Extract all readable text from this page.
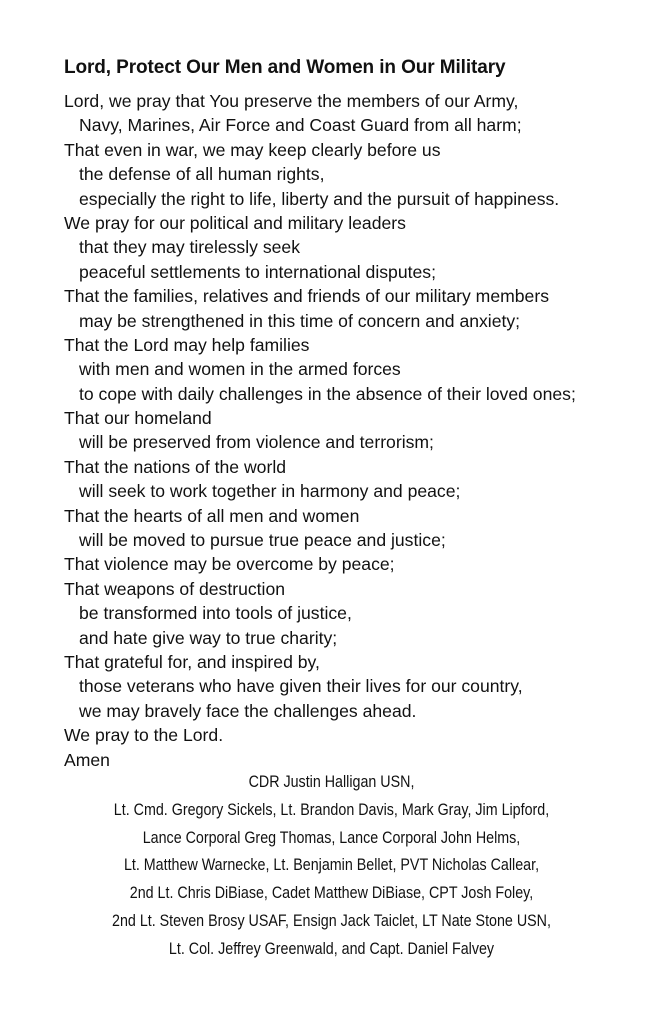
Lord, Protect Our Men and Women in Our Military
Lord, we pray that You preserve the members of our Army,
Navy, Marines, Air Force and Coast Guard from all harm;
That even in war, we may keep clearly before us
the defense of all human rights,
especially the right to life, liberty and the pursuit of happiness.
We pray for our political and military leaders
that they may tirelessly seek
peaceful settlements to international disputes;
That the families, relatives and friends of our military members
may be strengthened in this time of concern and anxiety;
That the Lord may help families
with men and women in the armed forces
to cope with daily challenges in the absence of their loved ones;
That our homeland
will be preserved from violence and terrorism;
That the nations of the world
will seek to work together in harmony and peace;
That the hearts of all men and women
will be moved to pursue true peace and justice;
That violence may be overcome by peace;
That weapons of destruction
be transformed into tools of justice,
and hate give way to true charity;
That grateful for, and inspired by,
those veterans who have given their lives for our country,
we may bravely face the challenges ahead.
We pray to the Lord.
Amen
CDR Justin Halligan USN,
Lt. Cmd. Gregory Sickels, Lt. Brandon Davis, Mark Gray, Jim Lipford,
Lance Corporal Greg Thomas, Lance Corporal John Helms,
Lt. Matthew Warnecke, Lt. Benjamin Bellet, PVT Nicholas Callear,
2nd Lt. Chris DiBiase, Cadet Matthew DiBiase, CPT Josh Foley,
2nd Lt. Steven Brosy USAF, Ensign Jack Taiclet, LT Nate Stone USN,
Lt. Col. Jeffrey Greenwald, and Capt. Daniel Falvey
